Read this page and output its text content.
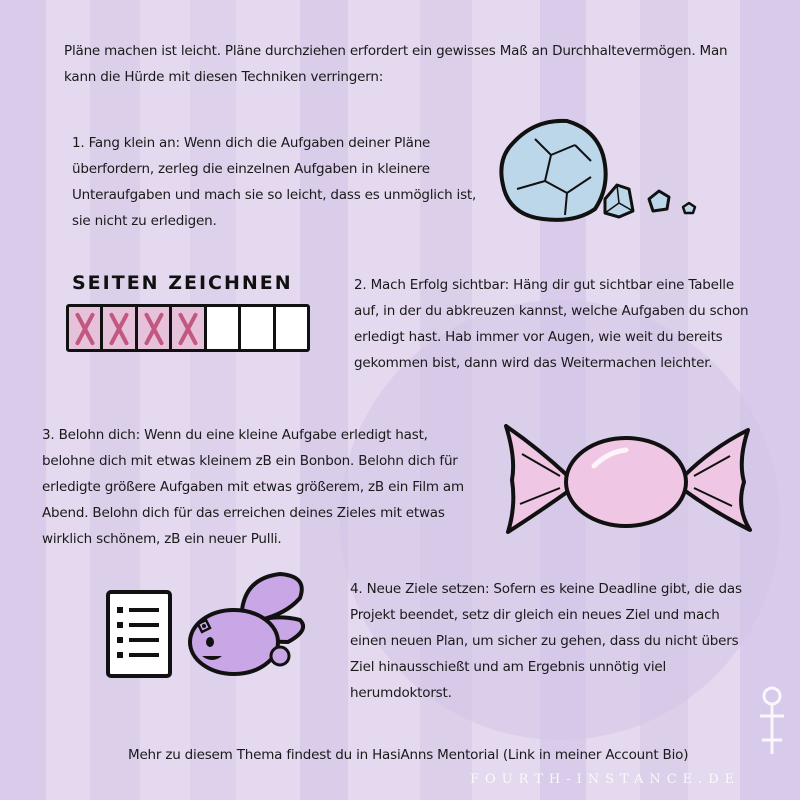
Pläne machen ist leicht. Pläne durchziehen erfordert ein gewisses Maß an Durchhaltevermögen. Man kann die Hürde mit diesen Techniken verringern:
1. Fang klein an: Wenn dich die Aufgaben deiner Pläne überfordern, zerleg die einzelnen Aufgaben in kleinere Unteraufgaben und mach sie so leicht, dass es unmöglich ist, sie nicht zu erledigen.
SEITEN ZEICHNEN	2. Mach Erfolg sichtbar: Häng dir gut sichtbar eine Tabelle auf, in der du abkreuzen kannst, welche Aufgaben du schon erledigt hast. Hab immer vor Augen, wie weit du bereits gekommen bist, dann wird das Weitermachen leichter.
3. Belohn dich: Wenn du eine kleine Aufgabe erledigt hast, belohne dich mit etwas kleinem zB ein Bonbon. Belohn dich für erledigte größere Aufgaben mit etwas größerem, zB ein Film am Abend. Belohn dich für das erreichen deines Zieles mit etwas wirklich schönem, zB ein neuer Pulli.
4. Neue Ziele setzen: Sofern es keine Deadline gibt, die das Projekt beendet, setz dir gleich ein neues Ziel und mach einen neuen Plan, um sicher zu gehen, dass du nicht übers Ziel hinausschießt und am Ergebnis unnötig viel herumdoktorst.
Mehr zu diesem Thema findest du in HasiAnns Mentorial (Link in meiner Account Bio)
FOURTH-INSTANCE.DE
